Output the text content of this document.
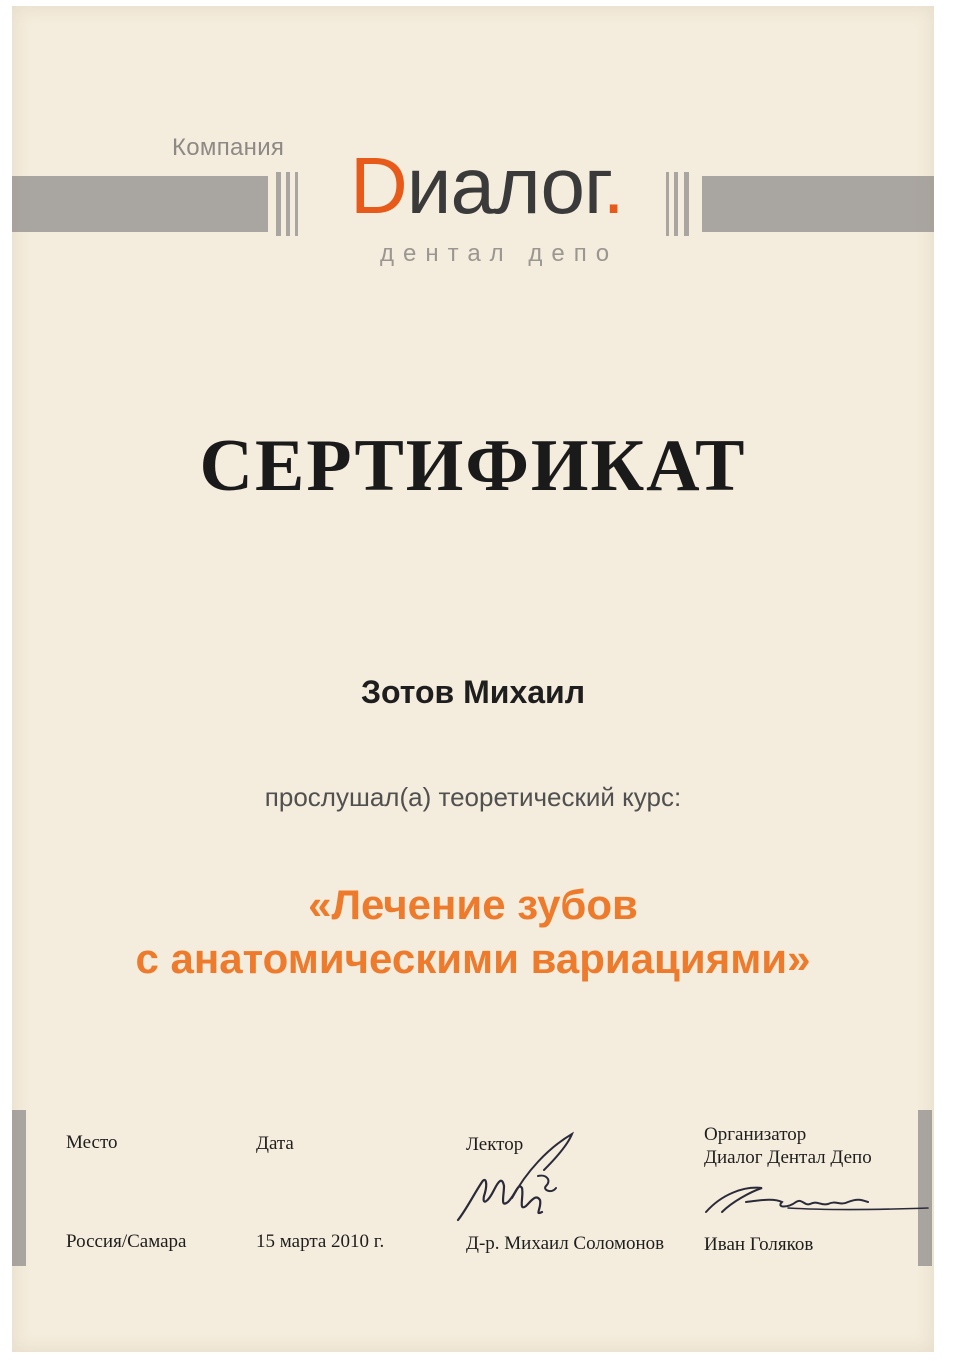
Компания Dиалог.
дентал депо
СЕРТИФИКАТ
Зотов Михаил
прослушал(а) теоретический курс:
«Лечение зубов
с анатомическими вариациями»
Место
Россия/Самара
Дата
15 марта 2010 г.
Лектор
Д-р. Михаил Соломонов
Организатор
Диалог Дентал Депо
Иван Голяков
